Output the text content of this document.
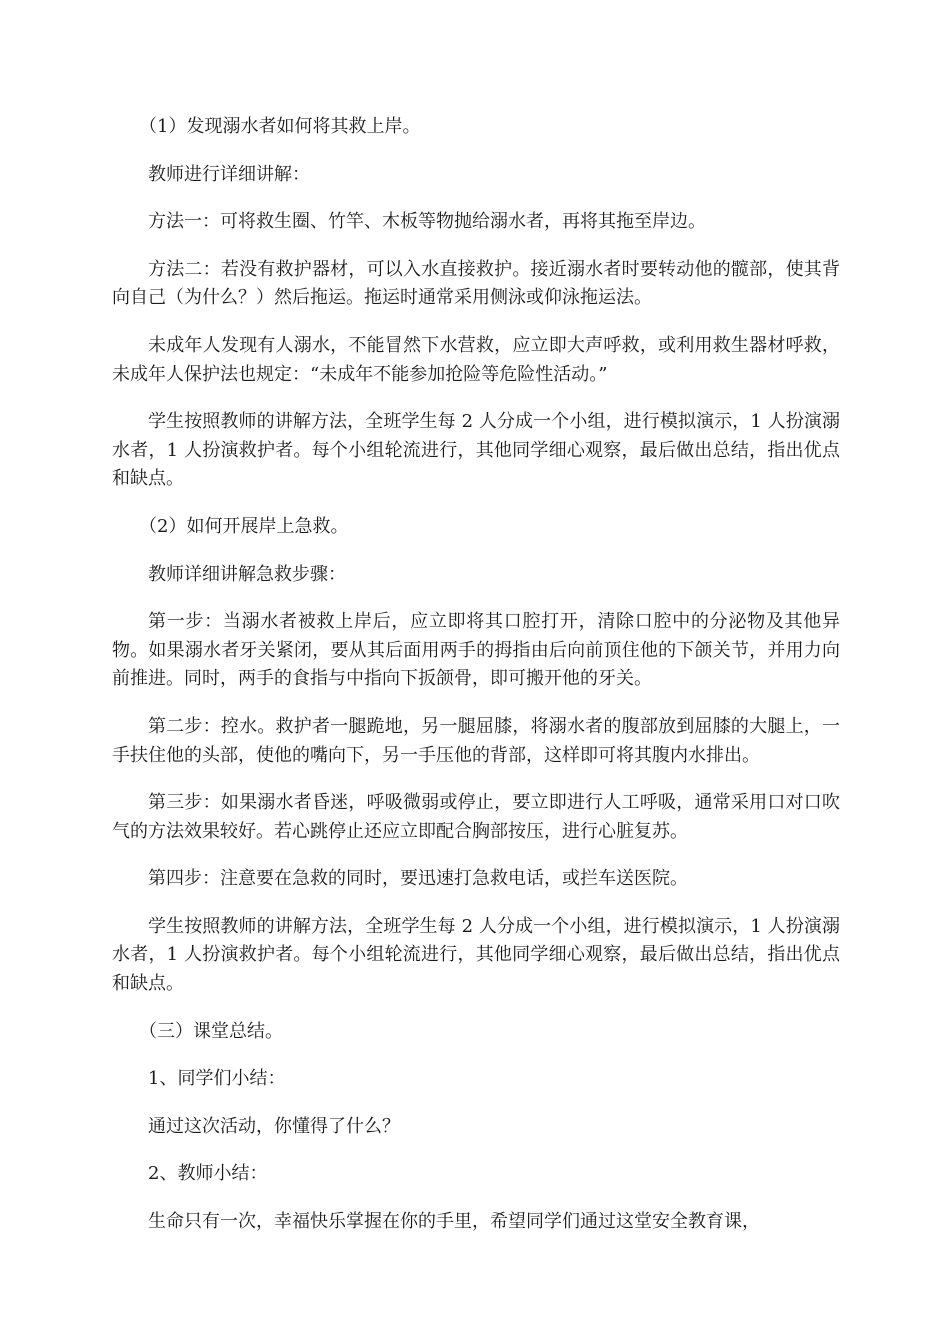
（1）发现溺水者如何将其救上岸。

教师进行详细讲解：

方法一：可将救生圈、竹竿、木板等物抛给溺水者，再将其拖至岸边。

方法二：若没有救护器材，可以入水直接救护。接近溺水者时要转动他的髋部，使其背向自己（为什么？）然后拖运。拖运时通常采用侧泳或仰泳拖运法。

未成年人发现有人溺水，不能冒然下水营救，应立即大声呼救，或利用救生器材呼救，未成年人保护法也规定：“未成年不能参加抢险等危险性活动。”

学生按照教师的讲解方法，全班学生每 2 人分成一个小组，进行模拟演示，1 人扮演溺水者，1 人扮演救护者。每个小组轮流进行，其他同学细心观察，最后做出总结，指出优点和缺点。

（2）如何开展岸上急救。

教师详细讲解急救步骤：

第一步：当溺水者被救上岸后，应立即将其口腔打开，清除口腔中的分泌物及其他异物。如果溺水者牙关紧闭，要从其后面用两手的拇指由后向前顶住他的下颌关节，并用力向前推进。同时，两手的食指与中指向下扳颌骨，即可搬开他的牙关。

第二步：控水。救护者一腿跪地，另一腿屈膝，将溺水者的腹部放到屈膝的大腿上，一手扶住他的头部，使他的嘴向下，另一手压他的背部，这样即可将其腹内水排出。

第三步：如果溺水者昏迷，呼吸微弱或停止，要立即进行人工呼吸，通常采用口对口吹气的方法效果较好。若心跳停止还应立即配合胸部按压，进行心脏复苏。

第四步：注意要在急救的同时，要迅速打急救电话，或拦车送医院。

学生按照教师的讲解方法，全班学生每 2 人分成一个小组，进行模拟演示，1 人扮演溺水者，1 人扮演救护者。每个小组轮流进行，其他同学细心观察，最后做出总结，指出优点和缺点。

（三）课堂总结。

1、同学们小结：

通过这次活动，你懂得了什么？

2、教师小结：

生命只有一次，幸福快乐掌握在你的手里，希望同学们通过这堂安全教育课，
